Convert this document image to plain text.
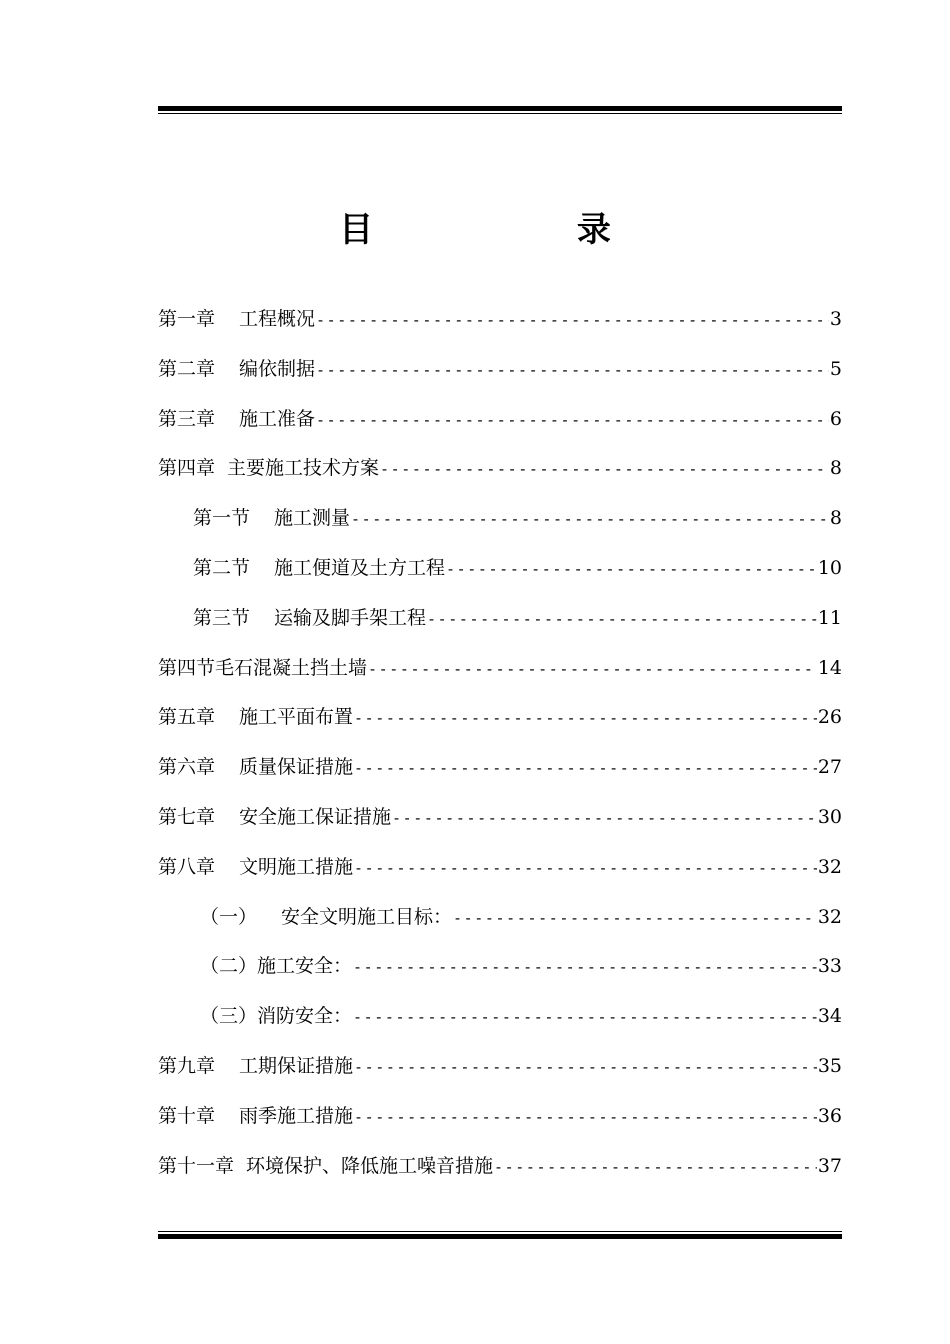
目 录
第一章 工程概况 -----	3
第二章 编依制据 -----	5
第三章 施工准备 -----	6
第四章 主要施工技术方案 -----	8
第一节 施工测量 -----	8
第二节 施工便道及土方工程 -----	10
第三节 运输及脚手架工程 -----	11
第四节毛石混凝土挡土墙 -----	14
第五章 施工平面布置 -----	26
第六章 质量保证措施 -----	27
第七章 安全施工保证措施 -----	30
第八章 文明施工措施 -----	32
（一） 安全文明施工目标： -----	32
（二）施工安全： -----	33
（三）消防安全： -----	34
第九章 工期保证措施 -----	35
第十章 雨季施工措施 -----	36
第十一章 环境保护、降低施工噪音措施 -----	37
